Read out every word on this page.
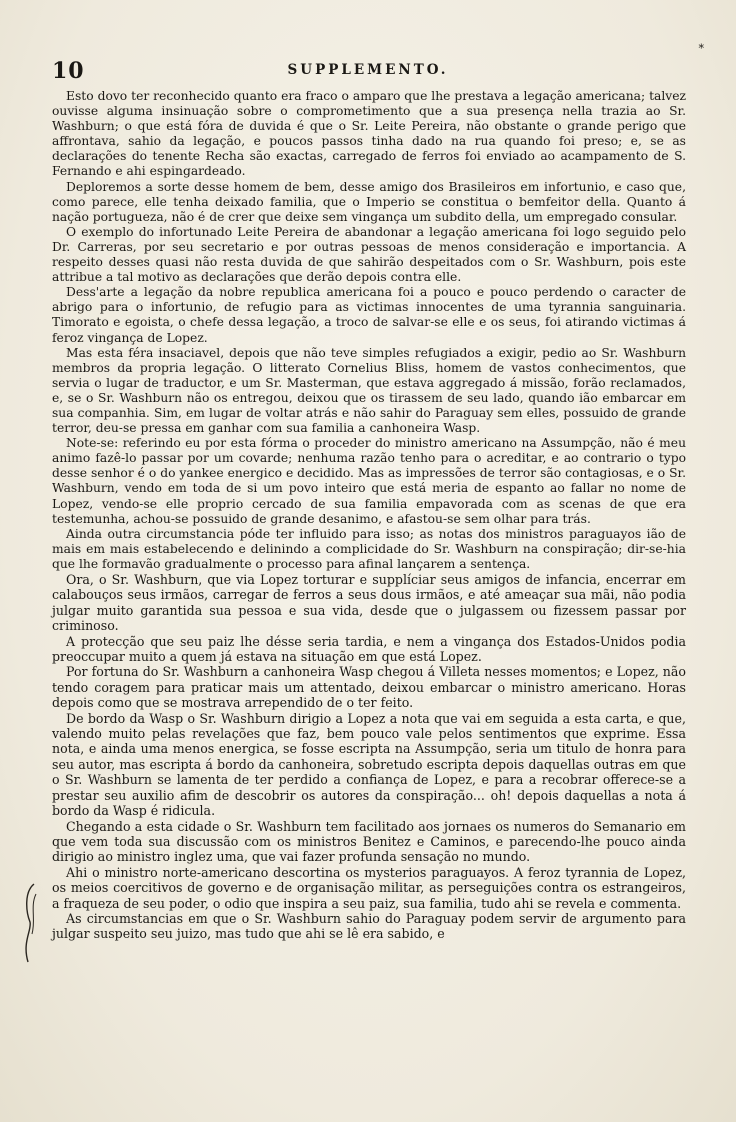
10	SUPPLEMENTO.
*

Esto dovo ter reconhecido quanto era fraco o amparo que lhe prestava a legação americana; talvez ouvisse alguma insinuação sobre o comprometimento que a sua presença nella trazia ao Sr. Washburn; o que está fóra de duvida é que o Sr. Leite Pereira, não obstante o grande perigo que affrontava, sahio da legação, e poucos passos tinha dado na rua quando foi preso; e, se as declarações do tenente Recha são exactas, carregado de ferros foi enviado ao acampamento de S. Fernando e ahi espingardeado.

Deploremos a sorte desse homem de bem, desse amigo dos Brasileiros em infortunio, e caso que, como parece, elle tenha deixado familia, que o Imperio se constitua o bemfeitor della. Quanto á nação portugueza, não é de crer que deixe sem vingança um subdito della, um empregado consular.

O exemplo do infortunado Leite Pereira de abandonar a legação americana foi logo seguido pelo Dr. Carreras, por seu secretario e por outras pessoas de menos consideração e importancia. A respeito desses quasi não resta duvida de que sahirão despeitados com o Sr. Washburn, pois este attribue a tal motivo as declarações que derão depois contra elle.

Dess'arte a legação da nobre republica americana foi a pouco e pouco perdendo o caracter de abrigo para o infortunio, de refugio para as victimas innocentes de uma tyrannia sanguinaria. Timorato e egoista, o chefe dessa legação, a troco de salvar-se elle e os seus, foi atirando victimas á feroz vingança de Lopez.

Mas esta féra insaciavel, depois que não teve simples refugiados a exigir, pedio ao Sr. Washburn membros da propria legação. O litterato Cornelius Bliss, homem de vastos conhecimentos, que servia o lugar de traductor, e um Sr. Masterman, que estava aggregado á missão, forão reclamados, e, se o Sr. Washburn não os entregou, deixou que os tirassem de seu lado, quando ião embarcar em sua companhia. Sim, em lugar de voltar atrás e não sahir do Paraguay sem elles, possuido de grande terror, deu-se pressa em ganhar com sua familia a canhoneira Wasp.

Note-se: referindo eu por esta fórma o proceder do ministro americano na Assumpção, não é meu animo fazê-lo passar por um covarde; nenhuma razão tenho para o acreditar, e ao contrario o typo desse senhor é o do yankee energico e decidido. Mas as impressões de terror são contagiosas, e o Sr. Washburn, vendo em toda de si um povo inteiro que está meria de espanto ao fallar no nome de Lopez, vendo-se elle proprio cercado de sua familia empavorada com as scenas de que era testemunha, achou-se possuido de grande desanimo, e afastou-se sem olhar para trás.

Ainda outra circumstancia póde ter influido para isso; as notas dos ministros paraguayos ião de mais em mais estabelecendo e delinindo a complicidade do Sr. Washburn na conspiração; dir-se-hia que lhe formavão gradualmente o processo para afinal lançarem a sentença.

Ora, o Sr. Washburn, que via Lopez torturar e supplíciar seus amigos de infancia, encerrar em calabouços seus irmãos, carregar de ferros a seus dous irmãos, e até ameaçar sua mãi, não podia julgar muito garantida sua pessoa e sua vida, desde que o julgassem ou fizessem passar por criminoso.

A protecção que seu paiz lhe désse seria tardia, e nem a vingança dos Estados-Unidos podia preoccupar muito a quem já estava na situação em que está Lopez.

Por fortuna do Sr. Washburn a canhoneira Wasp chegou á Villeta nesses momentos; e Lopez, não tendo coragem para praticar mais um attentado, deixou embarcar o ministro americano. Horas depois como que se mostrava arrependido de o ter feito.

De bordo da Wasp o Sr. Washburn dirigio a Lopez a nota que vai em seguida a esta carta, e que, valendo muito pelas revelações que faz, bem pouco vale pelos sentimentos que exprime. Essa nota, e ainda uma menos energica, se fosse escripta na Assumpção, seria um titulo de honra para seu autor, mas escripta á bordo da canhoneira, sobretudo escripta depois daquellas outras em que o Sr. Washburn se lamenta de ter perdido a confiança de Lopez, e para a recobrar offerece-se a prestar seu auxilio afim de descobrir os autores da conspiração... oh! depois daquellas a nota á bordo da Wasp é ridicula.

Chegando a esta cidade o Sr. Washburn tem facilitado aos jornaes os numeros do Semanario em que vem toda sua discussão com os ministros Benitez e Caminos, e parecendo-lhe pouco ainda dirigio ao ministro inglez uma, que vai fazer profunda sensação no mundo.

Ahi o ministro norte-americano descortina os mysterios paraguayos. A feroz tyrannia de Lopez, os meios coercitivos de governo e de organisação militar, as perseguições contra os estrangeiros, a fraqueza de seu poder, o odio que inspira a seu paiz, sua familia, tudo ahi se revela e commenta.

As circumstancias em que o Sr. Washburn sahio do Paraguay podem servir de argumento para julgar suspeito seu juizo, mas tudo que ahi se lê era sabido, e
